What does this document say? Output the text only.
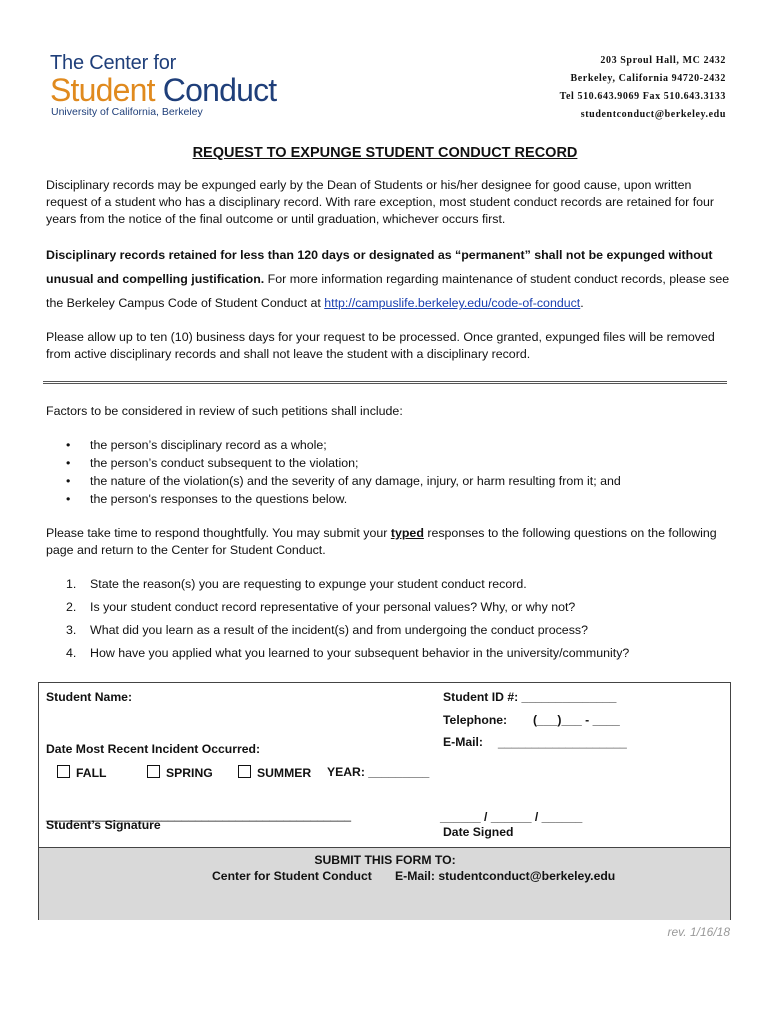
The Center for
Student Conduct
University of California, Berkeley
203 Sproul Hall, MC 2432
Berkeley, California 94720-2432
Tel 510.643.9069 Fax 510.643.3133
studentconduct@berkeley.edu
REQUEST TO EXPUNGE STUDENT CONDUCT RECORD
Disciplinary records may be expunged early by the Dean of Students or his/her designee for good cause, upon written request of a student who has a disciplinary record. With rare exception, most student conduct records are retained for four years from the notice of the final outcome or until graduation, whichever occurs first.
Disciplinary records retained for less than 120 days or designated as “permanent” shall not be expunged without unusual and compelling justification. For more information regarding maintenance of student conduct records, please see the Berkeley Campus Code of Student Conduct at http://campuslife.berkeley.edu/code-of-conduct.
Please allow up to ten (10) business days for your request to be processed. Once granted, expunged files will be removed from active disciplinary records and shall not leave the student with a disciplinary record.
Factors to be considered in review of such petitions shall include:
• the person’s disciplinary record as a whole;
• the person’s conduct subsequent to the violation;
• the nature of the violation(s) and the severity of any damage, injury, or harm resulting from it; and
• the person's responses to the questions below.
Please take time to respond thoughtfully. You may submit your typed responses to the following questions on the following page and return to the Center for Student Conduct.
1. State the reason(s) you are requesting to expunge your student conduct record.
2. Is your student conduct record representative of your personal values? Why, or why not?
3. What did you learn as a result of the incident(s) and from undergoing the conduct process?
4. How have you applied what you learned to your subsequent behavior in the university/community?
Student Name:	Student ID #: ______________
Telephone: (___)___ - ____
E-Mail: ___________________
Date Most Recent Incident Occurred:
FALL	SPRING	SUMMER YEAR: _________
_____________________________________________
Student’s Signature
______ / ______ / ______
Date Signed
SUBMIT THIS FORM TO:
Center for Student Conduct E-Mail: studentconduct@berkeley.edu
rev. 1/16/18
